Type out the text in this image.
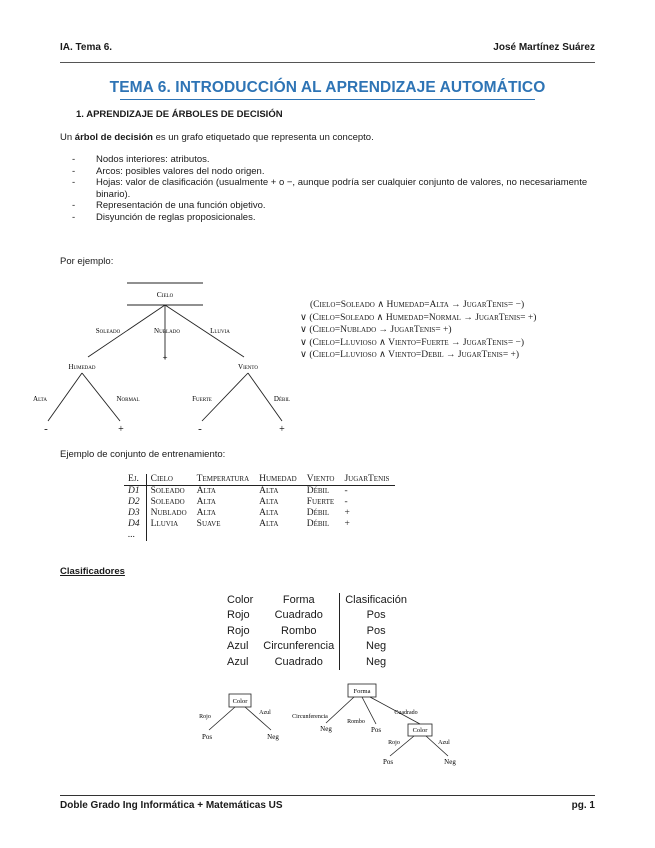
IA. Tema 6.	José Martínez Suárez
TEMA 6. INTRODUCCIÓN AL APRENDIZAJE AUTOMÁTICO
1. APRENDIZAJE DE ÁRBOLES DE DECISIÓN
Un árbol de decisión es un grafo etiquetado que representa un concepto.
- Nodos interiores: atributos.
- Arcos: posibles valores del nodo origen.
- Hojas: valor de clasificación (usualmente + o −, aunque podría ser cualquier conjunto de valores, no necesariamente binario).
- Representación de una función objetivo.
- Disyunción de reglas proposicionales.
Por ejemplo:
Cielo
Soleado	Nublado	Lluvia
+
Humedad	Viento
Alta	Normal	Fuerte	Débil
-	+	-	+
(Cielo=Soleado ∧ Humedad=Alta → JugarTenis= −)
∨ (Cielo=Soleado ∧ Humedad=Normal → JugarTenis= +)
∨ (Cielo=Nublado → JugarTenis= +)
∨ (Cielo=Lluvioso ∧ Viento=Fuerte → JugarTenis= −)
∨ (Cielo=Lluvioso ∧ Viento=Debil → JugarTenis= +)
Ejemplo de conjunto de entrenamiento:
Ej.	Cielo	Temperatura	Humedad	Viento	JugarTenis
D1	Soleado	Alta	Alta	Débil	-
D2	Soleado	Alta	Alta	Fuerte	-
D3	Nublado	Alta	Alta	Débil	+
D4	Lluvia	Suave	Alta	Débil	+
...					
Clasificadores
Color	Forma	Clasificación
Rojo	Cuadrado	Pos
Rojo	Rombo	Pos
Azul	Circunferencia	Neg
Azul	Cuadrado	Neg
Color
Rojo
Azul
Pos	Neg
Forma
Circunferencia
Rombo
Cuadrado
Neg	Pos	Color
Rojo	Azul
Pos	Neg
Doble Grado Ing Informática + Matemáticas US	pg. 1
